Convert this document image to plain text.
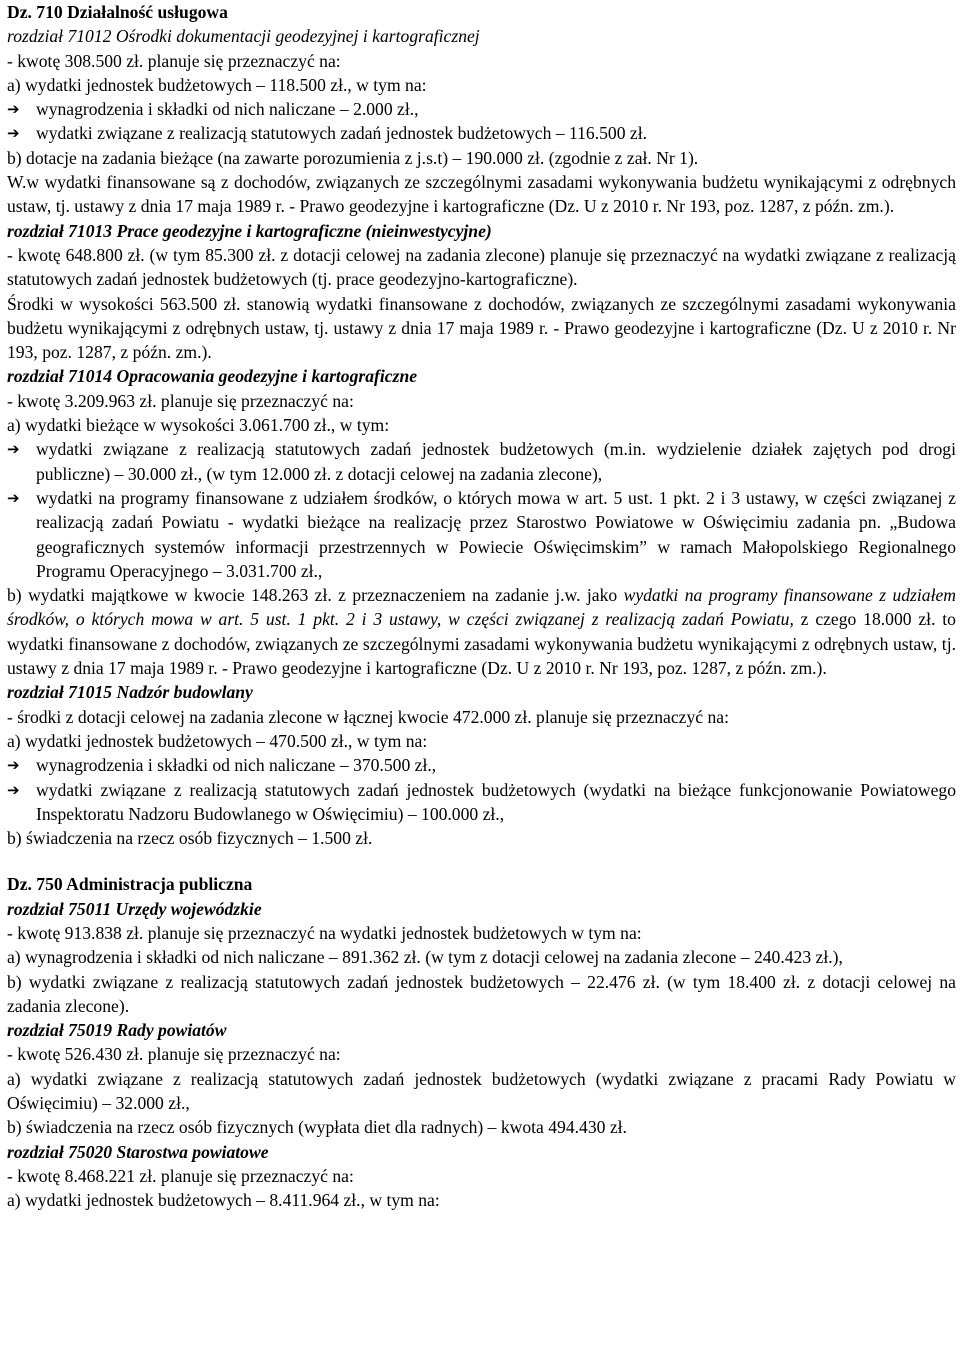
Dz. 710 Działalność usługowa

rozdział 71012 Ośrodki dokumentacji geodezyjnej i kartograficznej

- kwotę 308.500 zł. planuje się przeznaczyć na:

a) wydatki jednostek budżetowych – 118.500 zł., w tym na:

➔ wynagrodzenia i składki od nich naliczane – 2.000 zł.,

➔ wydatki związane z realizacją statutowych zadań jednostek budżetowych – 116.500 zł.

b) dotacje na zadania bieżące (na zawarte porozumienia z j.s.t) – 190.000 zł. (zgodnie z zał. Nr 1).

W.w wydatki finansowane są z dochodów, związanych ze szczególnymi zasadami wykonywania budżetu wynikającymi z odrębnych ustaw, tj. ustawy z dnia 17 maja 1989 r. - Prawo geodezyjne i kartograficzne (Dz. U z 2010 r. Nr 193, poz. 1287, z późn. zm.).

rozdział 71013 Prace geodezyjne i kartograficzne (nieinwestycyjne)

- kwotę 648.800 zł. (w tym 85.300 zł. z dotacji celowej na zadania zlecone) planuje się przeznaczyć na wydatki związane z realizacją statutowych zadań jednostek budżetowych (tj. prace geodezyjno-kartograficzne).

Środki w wysokości 563.500 zł. stanowią wydatki finansowane z dochodów, związanych ze szczególnymi zasadami wykonywania budżetu wynikającymi z odrębnych ustaw, tj. ustawy z dnia 17 maja 1989 r. - Prawo geodezyjne i kartograficzne (Dz. U z 2010 r. Nr 193, poz. 1287, z późn. zm.).

rozdział 71014 Opracowania geodezyjne i kartograficzne

- kwotę 3.209.963 zł. planuje się przeznaczyć na:

a) wydatki bieżące w wysokości 3.061.700 zł., w tym:

➔ wydatki związane z realizacją statutowych zadań jednostek budżetowych (m.in. wydzielenie działek zajętych pod drogi publiczne) – 30.000 zł., (w tym 12.000 zł. z dotacji celowej na zadania zlecone),

➔ wydatki na programy finansowane z udziałem środków, o których mowa w art. 5 ust. 1 pkt. 2 i 3 ustawy, w części związanej z realizacją zadań Powiatu - wydatki bieżące na realizację przez Starostwo Powiatowe w Oświęcimiu zadania pn. „Budowa geograficznych systemów informacji przestrzennych w Powiecie Oświęcimskim” w ramach Małopolskiego Regionalnego Programu Operacyjnego – 3.031.700 zł.,

b) wydatki majątkowe w kwocie 148.263 zł. z przeznaczeniem na zadanie j.w. jako wydatki na programy finansowane z udziałem środków, o których mowa w art. 5 ust. 1 pkt. 2 i 3 ustawy, w części związanej z realizacją zadań Powiatu, z czego 18.000 zł. to wydatki finansowane z dochodów, związanych ze szczególnymi zasadami wykonywania budżetu wynikającymi z odrębnych ustaw, tj. ustawy z dnia 17 maja 1989 r. - Prawo geodezyjne i kartograficzne (Dz. U z 2010 r. Nr 193, poz. 1287, z późn. zm.).

rozdział 71015 Nadzór budowlany

- środki z dotacji celowej na zadania zlecone w łącznej kwocie 472.000 zł. planuje się przeznaczyć na:

a) wydatki jednostek budżetowych – 470.500 zł., w tym na:

➔ wynagrodzenia i składki od nich naliczane – 370.500 zł.,

➔ wydatki związane z realizacją statutowych zadań jednostek budżetowych (wydatki na bieżące funkcjonowanie Powiatowego Inspektoratu Nadzoru Budowlanego w Oświęcimiu) – 100.000 zł.,

b) świadczenia na rzecz osób fizycznych – 1.500 zł.

Dz. 750 Administracja publiczna

rozdział 75011 Urzędy wojewódzkie

- kwotę 913.838 zł. planuje się przeznaczyć na wydatki jednostek budżetowych w tym na:

a) wynagrodzenia i składki od nich naliczane – 891.362 zł. (w tym z dotacji celowej na zadania zlecone – 240.423 zł.),

b) wydatki związane z realizacją statutowych zadań jednostek budżetowych – 22.476 zł. (w tym 18.400 zł. z dotacji celowej na zadania zlecone).

rozdział 75019 Rady powiatów

- kwotę 526.430 zł. planuje się przeznaczyć na:

a) wydatki związane z realizacją statutowych zadań jednostek budżetowych (wydatki związane z pracami Rady Powiatu w Oświęcimiu) – 32.000 zł.,

b) świadczenia na rzecz osób fizycznych (wypłata diet dla radnych) – kwota 494.430 zł.

rozdział 75020 Starostwa powiatowe

- kwotę 8.468.221 zł. planuje się przeznaczyć na:

a) wydatki jednostek budżetowych – 8.411.964 zł., w tym na:
